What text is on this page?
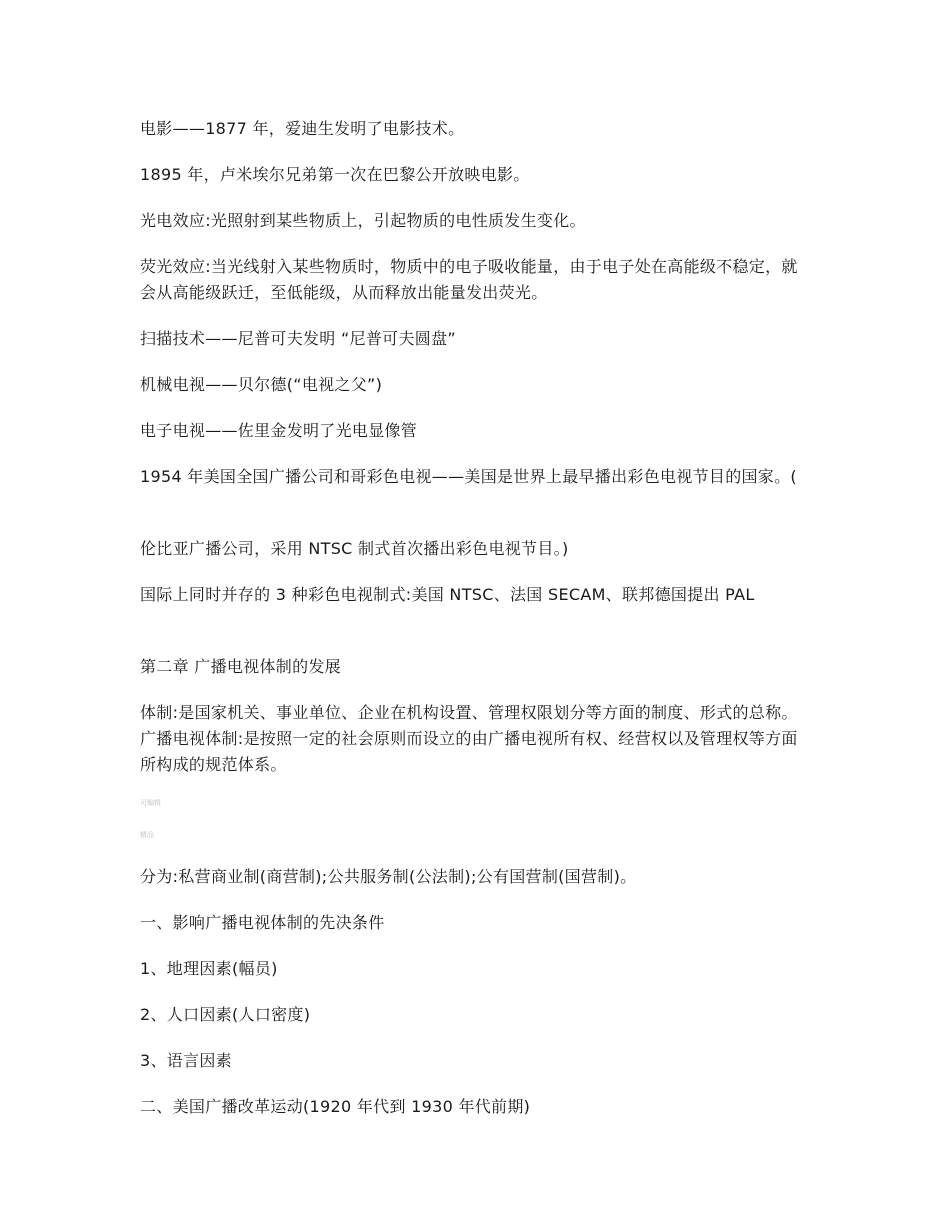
电影——1877 年，爱迪生发明了电影技术。

1895 年，卢米埃尔兄弟第一次在巴黎公开放映电影。

光电效应:光照射到某些物质上，引起物质的电性质发生变化。

荧光效应:当光线射入某些物质时，物质中的电子吸收能量，由于电子处在高能级不稳定，就会从高能级跃迁，至低能级，从而释放出能量发出荧光。

扫描技术——尼普可夫发明 “尼普可夫圆盘”

机械电视——贝尔德(“电视之父”)

电子电视——佐里金发明了光电显像管

1954 年美国全国广播公司和哥彩色电视——美国是世界上最早播出彩色电视节目的国家。(

伦比亚广播公司，采用 NTSC 制式首次播出彩色电视节目。)

国际上同时并存的 3 种彩色电视制式:美国 NTSC、法国 SECAM、联邦德国提出 PAL

第二章 广播电视体制的发展

体制:是国家机关、事业单位、企业在机构设置、管理权限划分等方面的制度、形式的总称。广播电视体制:是按照一定的社会原则而设立的由广播电视所有权、经营权以及管理权等方面所构成的规范体系。

可编辑

精品

分为:私营商业制(商营制);公共服务制(公法制);公有国营制(国营制)。

一、影响广播电视体制的先决条件

1、地理因素(幅员)

2、人口因素(人口密度)

3、语言因素

二、美国广播改革运动(1920 年代到 1930 年代前期)
